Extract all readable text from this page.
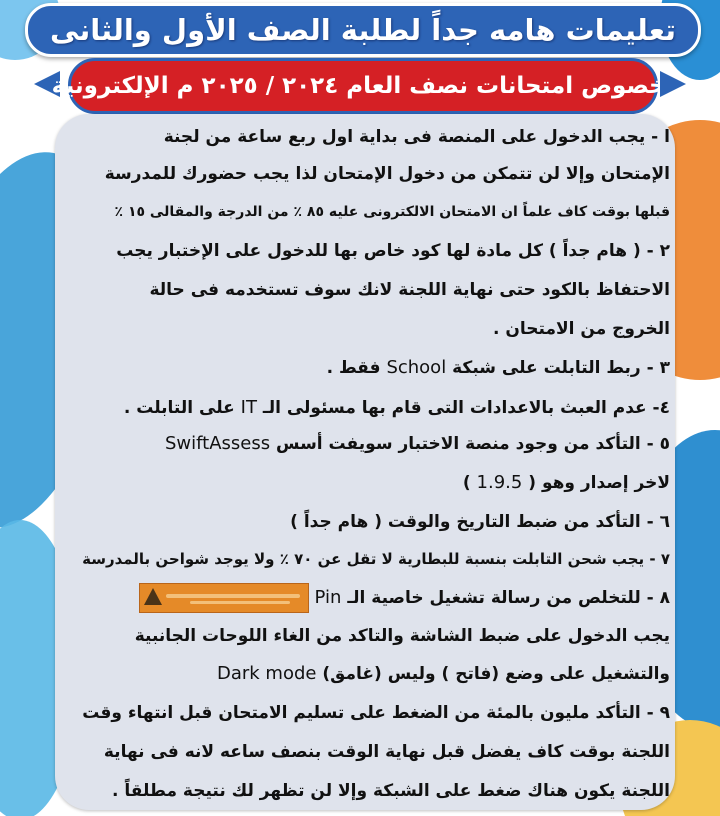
تعليمات هامه جداً لطلبة الصف الأول والثانى
بخصوص امتحانات نصف العام ٢٠٢٤ / ٢٠٢٥ م الإلكترونية
ا - يجب الدخول على المنصة فى بداية اول ربع ساعة من لجنة
الإمتحان وإلا لن تتمكن من دخول الإمتحان لذا يجب حضورك للمدرسة
قبلها بوقت كاف علماً ان الامتحان الالكترونى عليه ٨٥ ٪ من الدرجة والمقالى ١٥ ٪
٢ - ( هام جداً ) كل مادة لها كود خاص بها للدخول على الإختبار يجب
الاحتفاظ بالكود حتى نهاية اللجنة لانك سوف تستخدمه فى حالة
الخروج من الامتحان .
٣ - ربط التابلت على شبكة School فقط .
٤- عدم العبث بالاعدادات التى قام بها مسئولى الـ IT على التابلت .
٥ - التأكد من وجود منصة الاختبار سويفت أسس SwiftAssess
لاخر إصدار وهو ( 1.9.5 )
٦ - التأكد من ضبط التاريخ والوقت ( هام جداً )
٧ - يجب شحن التابلت بنسبة للبطارية لا تقل عن ٧٠ ٪ ولا يوجد شواحن بالمدرسة
٨ - للتخلص من رسالة تشغيل خاصية الـ Pin
يجب الدخول على ضبط الشاشة والتاكد من الغاء اللوحات الجانبية
والتشغيل على وضع (فاتح ) وليس (غامق) Dark mode
٩ - التأكد مليون بالمئة من الضغط على تسليم الامتحان قبل انتهاء وقت
اللجنة بوقت كاف يفضل قبل نهاية الوقت بنصف ساعه لانه فى نهاية
اللجنة يكون هناك ضغط على الشبكة وإلا لن تظهر لك نتيجة مطلقاً .
